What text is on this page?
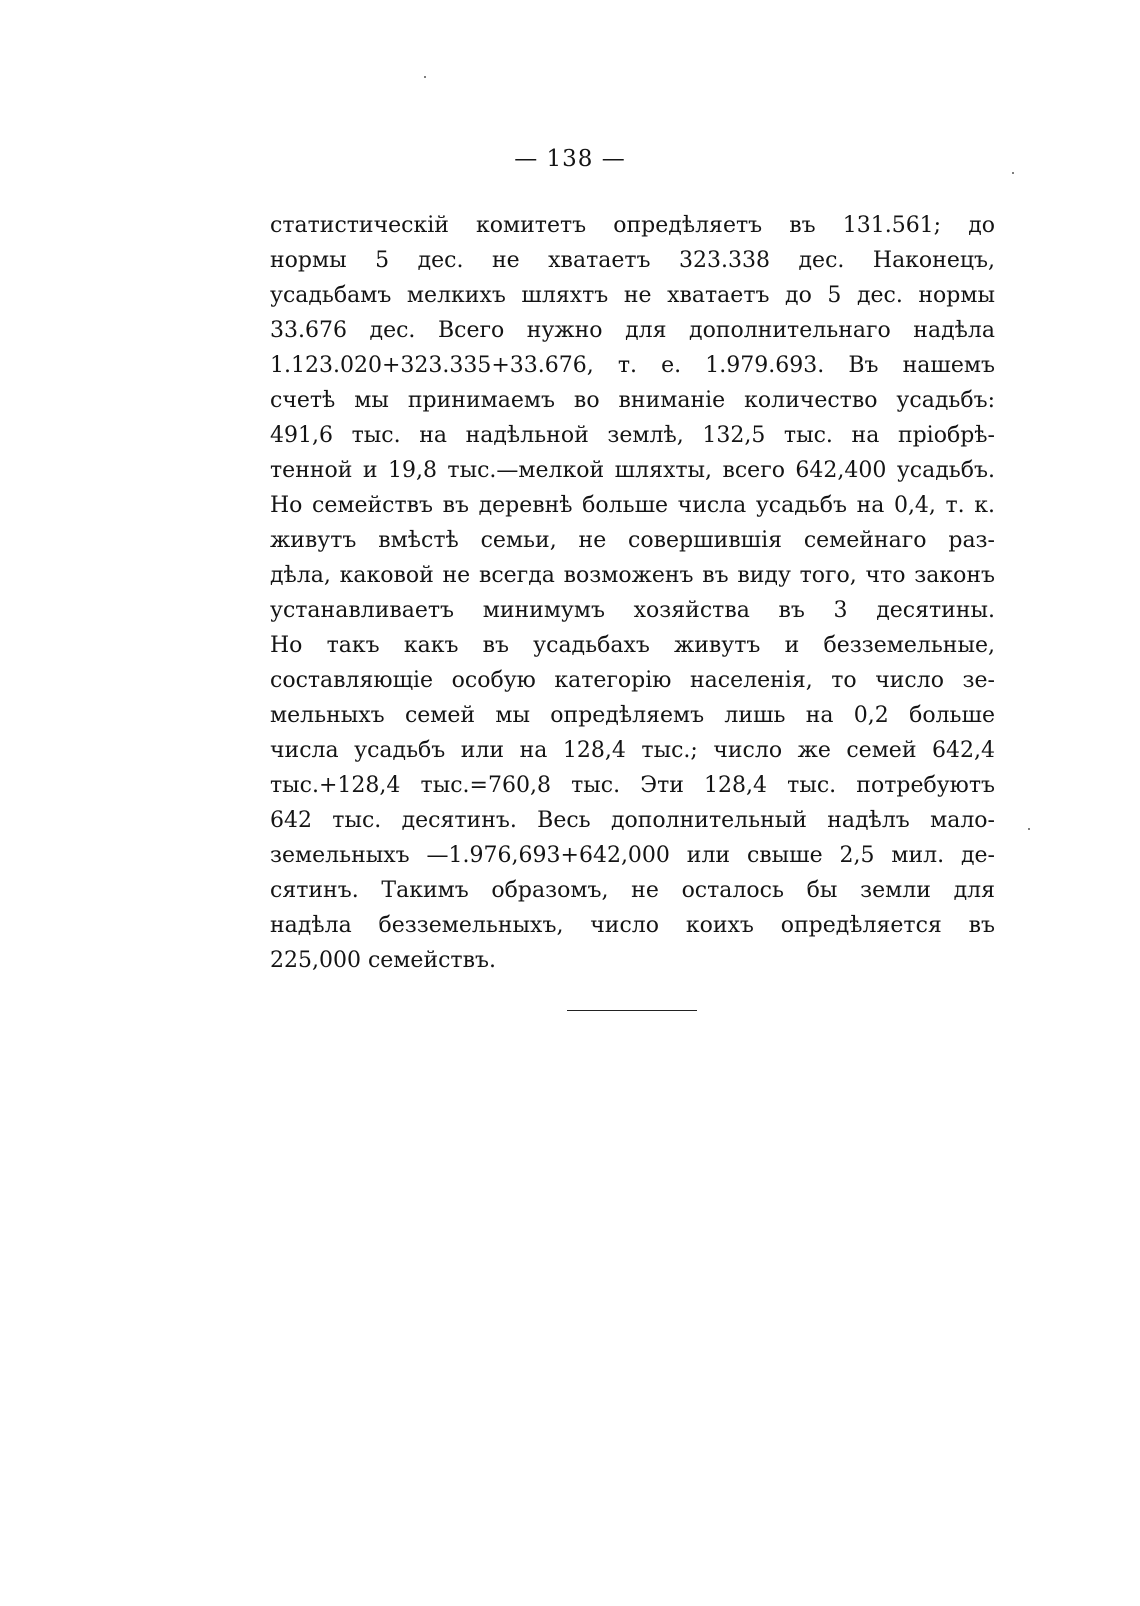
— 138 —
статистическій комитетъ опредѣляетъ въ 131.561; до
нормы 5 дес. не хватаетъ 323.338 дес. Наконецъ,
усадьбамъ мелкихъ шляхтъ не хватаетъ до 5 дес. нормы
33.676 дес. Всего нужно для дополнительнаго надѣла
1.123.020+323.335+33.676, т. е. 1.979.693. Въ нашемъ
счетѣ мы принимаемъ во вниманіе количество усадьбъ:
491,6 тыс. на надѣльной землѣ, 132,5 тыс. на пріобрѣ-
тенной и 19,8 тыс.—мелкой шляхты, всего 642,400 усадьбъ.
Но семействъ въ деревнѣ больше числа усадьбъ на 0,4, т. к.
живутъ вмѣстѣ семьи, не совершившія семейнаго раз-
дѣла, каковой не всегда возможенъ въ виду того, что законъ
устанавливаетъ минимумъ хозяйства въ 3 десятины.
Но такъ какъ въ усадьбахъ живутъ и безземельные,
составляющіе особую категорію населенія, то число зе-
мельныхъ семей мы опредѣляемъ лишь на 0,2 больше
числа усадьбъ или на 128,4 тыс.; число же семей 642,4
тыс.+128,4 тыс.=760,8 тыс. Эти 128,4 тыс. потребуютъ
642 тыс. десятинъ. Весь дополнительный надѣлъ мало-
земельныхъ —1.976,693+642,000 или свыше 2,5 мил. де-
сятинъ. Такимъ образомъ, не осталось бы земли для
надѣла безземельныхъ, число коихъ опредѣляется въ
225,000 семействъ.
